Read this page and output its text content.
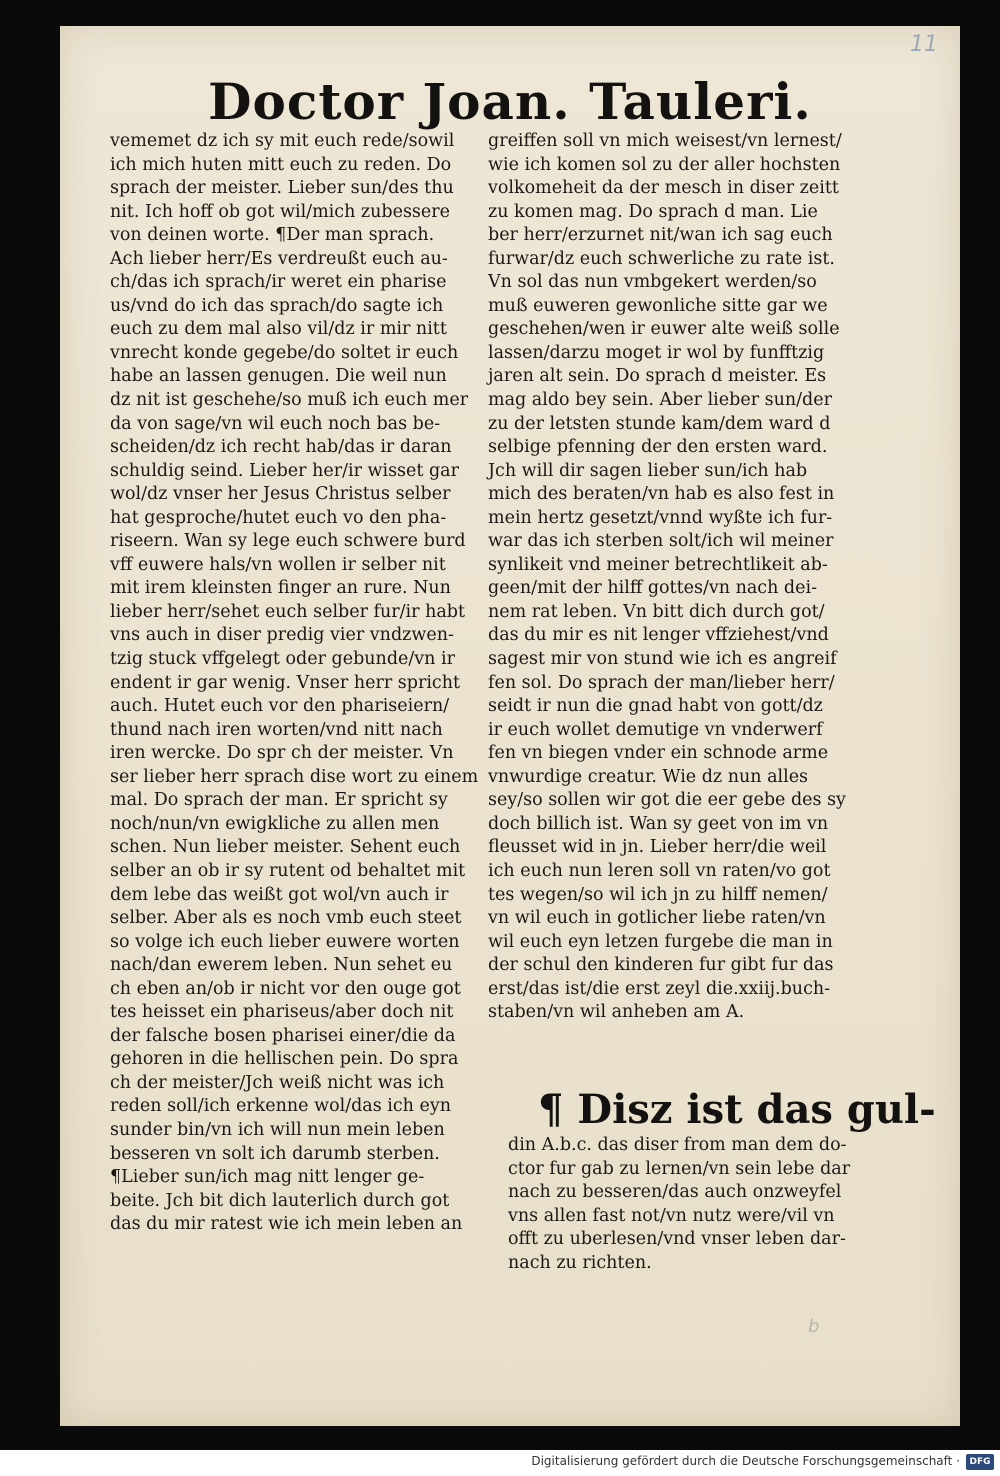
11
Doctor Joan. Tauleri.
vememet dz ich sy mit euch rede/sowil
ich mich huten mitt euch zu reden. Do
sprach der meister. Lieber sun/des thu
nit. Ich hoff ob got wil/mich zubessere
von deinen worte. ¶Der man sprach.
Ach lieber herr/Es verdreußt euch au-
ch/das ich sprach/ir weret ein pharise
us/vnd do ich das sprach/do sagte ich
euch zu dem mal also vil/dz ir mir nitt
vnrecht konde gegebe/do soltet ir euch
habe an lassen genugen. Die weil nun
dz nit ist geschehe/so muß ich euch mer
da von sage/vn wil euch noch bas be-
scheiden/dz ich recht hab/das ir daran
schuldig seind. Lieber her/ir wisset gar
wol/dz vnser her Jesus Christus selber
hat gesproche/hutet euch vo den pha-
riseern. Wan sy lege euch schwere burd
vff euwere hals/vn wollen ir selber nit
mit irem kleinsten finger an rure. Nun
lieber herr/sehet euch selber fur/ir habt
vns auch in diser predig vier vndzwen-
tzig stuck vffgelegt oder gebunde/vn ir
endent ir gar wenig. Vnser herr spricht
auch. Hutet euch vor den phariseiern/
thund nach iren worten/vnd nitt nach
iren wercke. Do spr ch der meister. Vn
ser lieber herr sprach dise wort zu einem
mal. Do sprach der man. Er spricht sy
noch/nun/vn ewigkliche zu allen men
schen. Nun lieber meister. Sehent euch
selber an ob ir sy rutent od behaltet mit
dem lebe das weißt got wol/vn auch ir
selber. Aber als es noch vmb euch steet
so volge ich euch lieber euwere worten
nach/dan ewerem leben. Nun sehet eu
ch eben an/ob ir nicht vor den ouge got
tes heisset ein phariseus/aber doch nit
der falsche bosen pharisei einer/die da
gehoren in die hellischen pein. Do spra
ch der meister/Jch weiß nicht was ich
reden soll/ich erkenne wol/das ich eyn
sunder bin/vn ich will nun mein leben
besseren vn solt ich darumb sterben.
¶Lieber sun/ich mag nitt lenger ge-
beite. Jch bit dich lauterlich durch got
das du mir ratest wie ich mein leben an
greiffen soll vn mich weisest/vn lernest/
wie ich komen sol zu der aller hochsten
volkomeheit da der mesch in diser zeitt
zu komen mag. Do sprach d man. Lie
ber herr/erzurnet nit/wan ich sag euch
furwar/dz euch schwerliche zu rate ist.
Vn sol das nun vmbgekert werden/so
muß euweren gewonliche sitte gar we
geschehen/wen ir euwer alte weiß solle
lassen/darzu moget ir wol by funfftzig
jaren alt sein. Do sprach d meister. Es
mag aldo bey sein. Aber lieber sun/der
zu der letsten stunde kam/dem ward d
selbige pfenning der den ersten ward.
Jch will dir sagen lieber sun/ich hab
mich des beraten/vn hab es also fest in
mein hertz gesetzt/vnnd wyßte ich fur-
war das ich sterben solt/ich wil meiner
synlikeit vnd meiner betrechtlikeit ab-
geen/mit der hilff gottes/vn nach dei-
nem rat leben. Vn bitt dich durch got/
das du mir es nit lenger vffziehest/vnd
sagest mir von stund wie ich es angreif
fen sol. Do sprach der man/lieber herr/
seidt ir nun die gnad habt von gott/dz
ir euch wollet demutige vn vnderwerf
fen vn biegen vnder ein schnode arme
vnwurdige creatur. Wie dz nun alles
sey/so sollen wir got die eer gebe des sy
doch billich ist. Wan sy geet von im vn
fleusset wid in jn. Lieber herr/die weil
ich euch nun leren soll vn raten/vo got
tes wegen/so wil ich jn zu hilff nemen/
vn wil euch in gotlicher liebe raten/vn
wil euch eyn letzen furgebe die man in
der schul den kinderen fur gibt fur das
erst/das ist/die erst zeyl die.xxiij.buch-
staben/vn wil anheben am A.
¶ Disz ist das gul-
din A.b.c. das diser from man dem do-
ctor fur gab zu lernen/vn sein lebe dar
nach zu besseren/das auch onzweyfel
vns allen fast not/vn nutz were/vil vn
offt zu uberlesen/vnd vnser leben dar-
nach zu richten.
b
Digitalisierung gefördert durch die Deutsche Forschungsgemeinschaft ·	DFG
